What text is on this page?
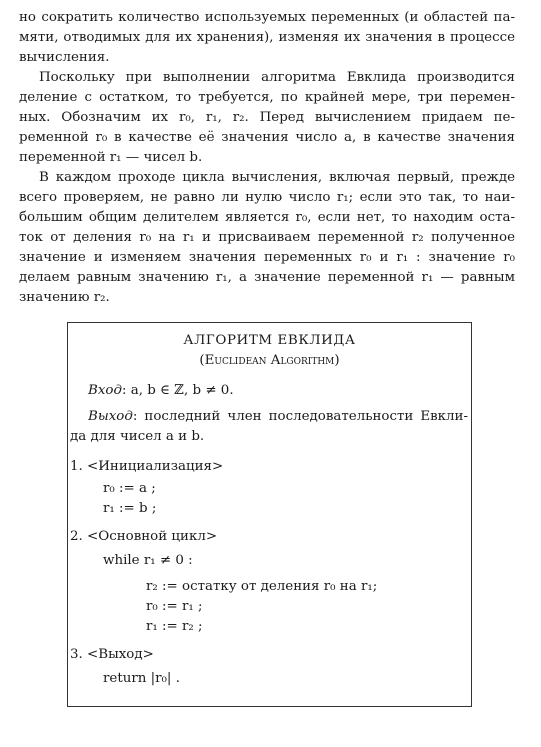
но сократить количество используемых переменных (и областей па-
мяти, отводимых для их хранения), изменяя их значения в процессе
вычисления.
Поскольку при выполнении алгоритма Евклида производится
деление с остатком, то требуется, по крайней мере, три перемен-
ных. Обозначим их r₀, r₁, r₂. Перед вычислением придаем пе-
ременной r₀ в качестве её значения число a, в качестве значения
переменной r₁ — чисел b.
В каждом проходе цикла вычисления, включая первый, прежде
всего проверяем, не равно ли нулю число r₁; если это так, то наи-
большим общим делителем является r₀, если нет, то находим оста-
ток от деления r₀ на r₁ и присваиваем переменной r₂ полученное
значение и изменяем значения переменных r₀ и r₁ : значение r₀
делаем равным значению r₁, а значение переменной r₁ — равным
значению r₂.
АЛГОРИТМ ЕВКЛИДА
(Euclidean Algorithm)
Вход: a, b ∈ ℤ, b ≠ 0.
Выход: последний член последовательности Евкли-
да для чисел a и b.
1. <Инициализация>
r₀ := a ;
r₁ := b ;
2. <Основной цикл>
while r₁ ≠ 0 :
r₂ := остатку от деления r₀ на r₁;
r₀ := r₁ ;
r₁ := r₂ ;
3. <Выход>
return |r₀| .
